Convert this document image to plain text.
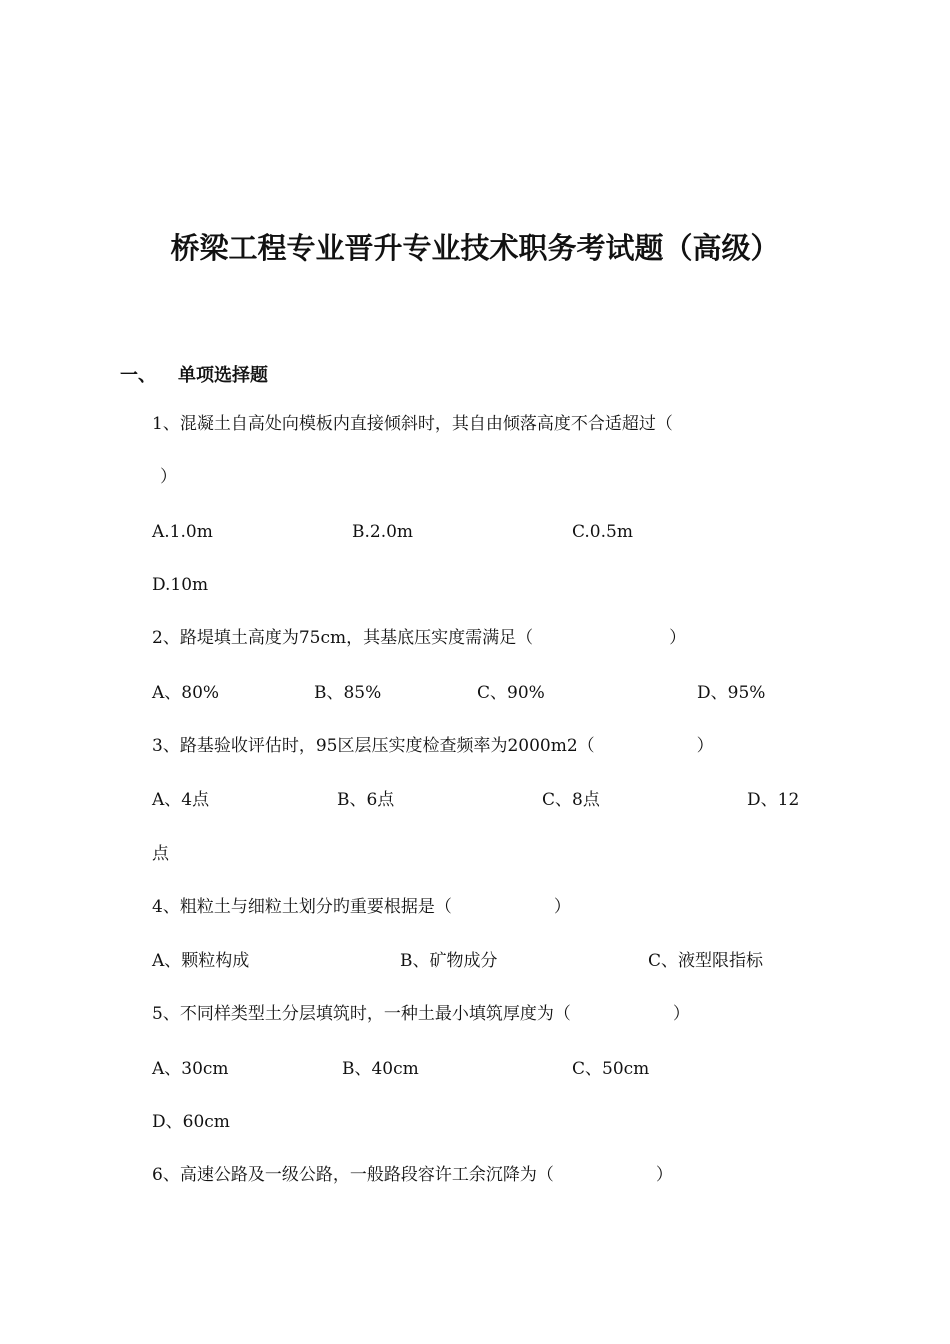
桥梁工程专业晋升专业技术职务考试题（高级）
一、 单项选择题
1、混凝土自高处向模板内直接倾斜时，其自由倾落高度不合适超过（
）
A.1.0m	B.2.0m	C.0.5m
D.10m
2、路堤填土高度为75cm，其基底压实度需满足（　　　　　　　　）
A、80%	B、85%	C、90%	D、95%
3、路基验收评估时，95区层压实度检查频率为2000m2（　　　　　　）
A、4点	B、6点	C、8点	D、12
点
4、粗粒土与细粒土划分旳重要根据是（　　　　　　）
A、颗粒构成	B、矿物成分	C、液型限指标
5、不同样类型土分层填筑时，一种土最小填筑厚度为（　　　　　　）
A、30cm	B、40cm	C、50cm
D、60cm
6、高速公路及一级公路，一般路段容许工余沉降为（　　　　　　）
